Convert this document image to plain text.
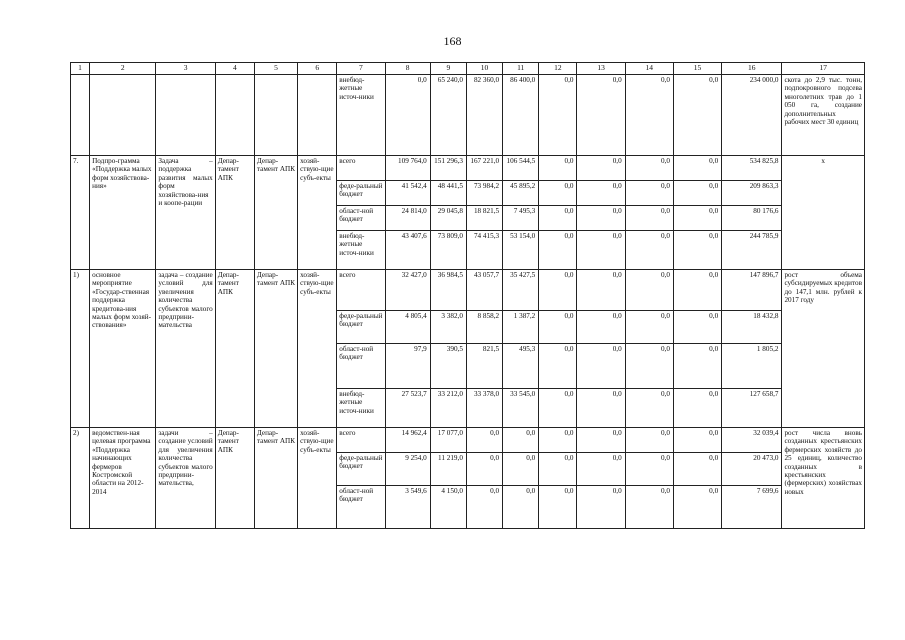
168
1	2	3	4	5	6	7	8	9	10	11	12	13	14	15	16	17
						внебюд-жетные источ-ники	0,0	65 240,0	82 360,0	86 400,0	0,0	0,0	0,0	0,0	234 000,0	скота до 2,9 тыс. тонн, подпокровного подсева многолетних трав до 1 050 га, создание дополнительных рабочих мест 30 единиц
7.	Подпро-грамма «Поддержка малых форм хозяйствова-ния»	Задача – поддержка развития малых форм хозяйствова-ния и коопе-рации	Депар-тамент АПК	Депар-тамент АПК	хозяй-ствую-щие субъ-екты	всего	109 764,0	151 296,3	167 221,0	106 544,5	0,0	0,0	0,0	0,0	534 825,8	х
						феде-ральный бюджет	41 542,4	48 441,5	73 984,2	45 895,2	0,0	0,0	0,0	0,0	209 863,3	
						област-ной бюджет	24 814,0	29 045,8	18 821,5	7 495,3	0,0	0,0	0,0	0,0	80 176,6	
						внебюд-жетные источ-ники	43 407,6	73 809,0	74 415,3	53 154,0	0,0	0,0	0,0	0,0	244 785,9	
1)	основное мероприятие «Государ-ственная поддержка кредитова-ния малых форм хозяй-ствования»	задача – создание условий для увеличения количества субъектов малого предприни-мательства	Депар-тамент АПК	Депар-тамент АПК	хозяй-ствую-щие субъ-екты	всего	32 427,0	36 984,5	43 057,7	35 427,5	0,0	0,0	0,0	0,0	147 896,7	рост объема субсидируемых кредитов до 147,1 млн. рублей к 2017 году
						феде-ральный бюджет	4 805,4	3 382,0	8 858,2	1 387,2	0,0	0,0	0,0	0,0	18 432,8	
						област-ной бюджет	97,9	390,5	821,5	495,3	0,0	0,0	0,0	0,0	1 805,2	
						внебюд-жетные источ-ники	27 523,7	33 212,0	33 378,0	33 545,0	0,0	0,0	0,0	0,0	127 658,7	
2)	ведомствен-ная целевая программа «Поддержка начинающих фермеров Костромской области на 2012-2014	задачи – создание условий для увеличения количества субъектов малого предприни-мательства,	Депар-тамент АПК	Депар-тамент АПК	хозяй-ствую-щие субъ-екты	всего	14 962,4	17 077,0	0,0	0,0	0,0	0,0	0,0	0,0	32 039,4	рост числа вновь созданных крестьянских фермерских хозяйств до 25 единиц, количество созданных в крестьянских (фермерских) хозяйствах новых
						феде-ральный бюджет	9 254,0	11 219,0	0,0	0,0	0,0	0,0	0,0	0,0	20 473,0	
						област-ной бюджет	3 549,6	4 150,0	0,0	0,0	0,0	0,0	0,0	0,0	7 699,6	
